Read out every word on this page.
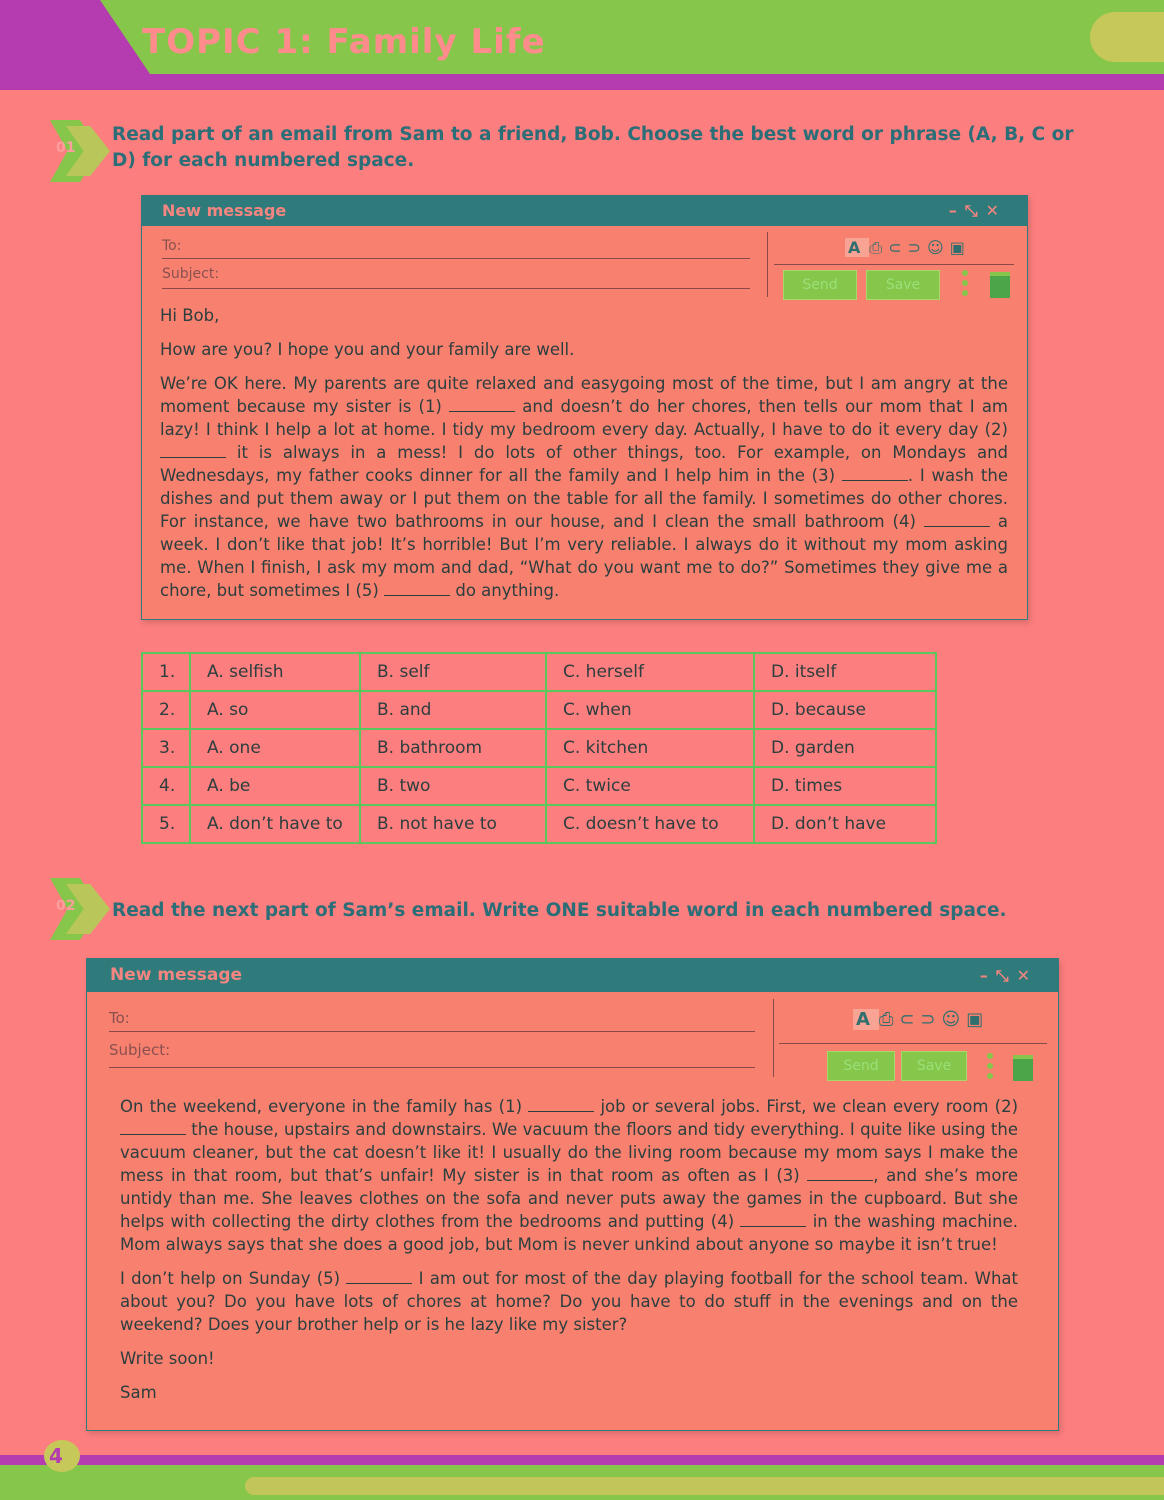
TOPIC 1: Family Life
01
Read part of an email from Sam to a friend, Bob. Choose the best word or phrase (A, B, C or D) for each numbered space.
New message	–⤡✕
To:
Subject:
A ⎙⊂⊃☺▣
Send	Save

Hi Bob,

How are you? I hope you and your family are well.

We’re OK here. My parents are quite relaxed and easygoing most of the time, but I am angry at the moment because my sister is (1)	and doesn’t do her chores, then tells our mom that I am lazy! I think I help a lot at home. I tidy my bedroom every day. Actually, I have to do it every day (2)  it is always in a mess! I do lots of other things, too. For example, on Mondays and Wednesdays, my father cooks dinner for all the family and I help him in the (3)	. I wash the dishes and put them away or I put them on the table for all the family. I sometimes do other chores. For instance, we have two bathrooms in our house, and I clean the small bathroom (4)	a week. I don’t like that job! It’s horrible! But I’m very reliable. I always do it without my mom asking me. When I finish, I ask my mom and dad, “What do you want me to do?” Sometimes they give me a chore, but sometimes I (5)	do anything.

1.	A. selfish	B. self	C. herself	D. itself
2.	A. so	B. and	C. when	D. because
3.	A. one	B. bathroom	C. kitchen	D. garden
4.	A. be	B. two	C. twice	D. times
5.	A. don’t have to	B. not have to	C. doesn’t have to	D. don’t have
02 Read the next part of Sam’s email. Write ONE suitable word in each numbered space.
New message	–⤡✕
To:
Subject:
A ⎙⊂⊃☺▣
Send	Save

On the weekend, everyone in the family has (1)	job or several jobs. First, we clean every room (2)  the house, upstairs and downstairs. We vacuum the floors and tidy everything. I quite like using the vacuum cleaner, but the cat doesn’t like it! I usually do the living room because my mom says I make the mess in that room, but that’s unfair! My sister is in that room as often as I (3)	, and she’s more untidy than me. She leaves clothes on the sofa and never puts away the games in the cupboard. But she helps with collecting the dirty clothes from the bedrooms and putting (4)	in the washing machine. Mom always says that she does a good job, but Mom is never unkind about anyone so maybe it isn’t true!

I don’t help on Sunday (5)	I am out for most of the day playing football for the school team. What about you? Do you have lots of chores at home? Do you have to do stuff in the evenings and on the weekend? Does your brother help or is he lazy like my sister?

Write soon!

Sam

4
